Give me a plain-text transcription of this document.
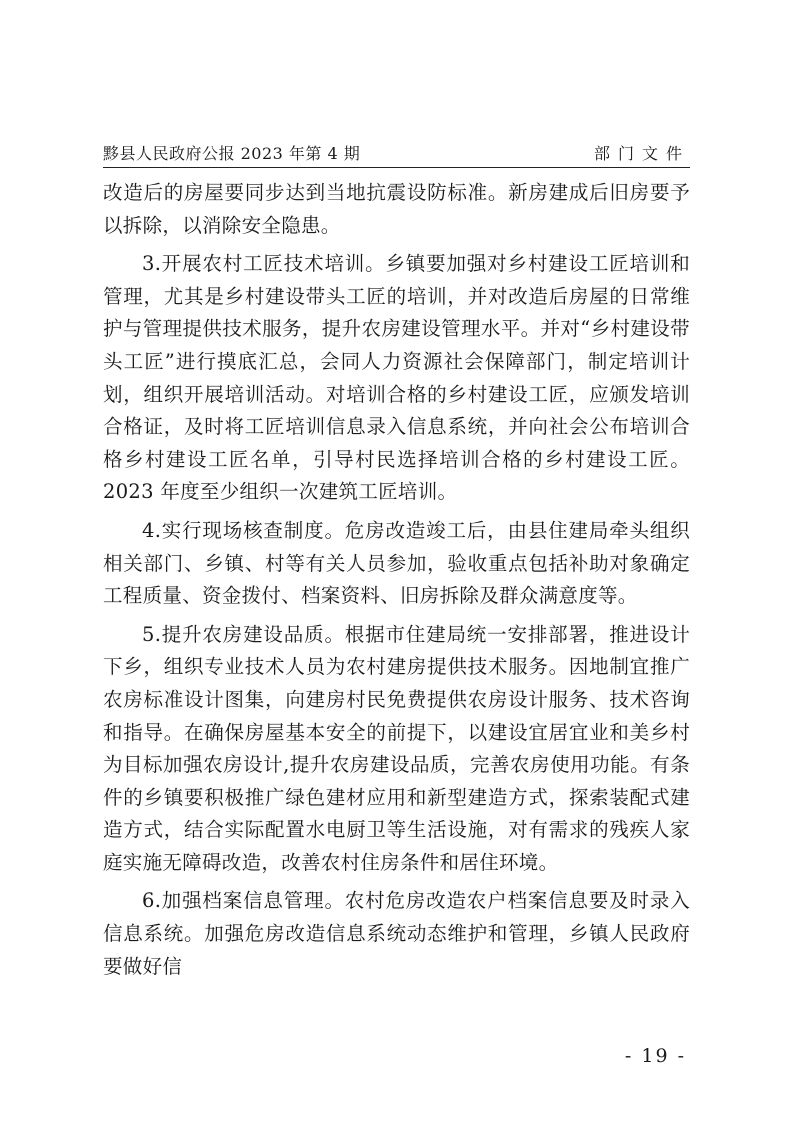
黟县人民政府公报 2023 年第 4 期	部门文件

改造后的房屋要同步达到当地抗震设防标准。新房建成后旧房要予以拆除，以消除安全隐患。

3.开展农村工匠技术培训。乡镇要加强对乡村建设工匠培训和管理，尤其是乡村建设带头工匠的培训，并对改造后房屋的日常维护与管理提供技术服务，提升农房建设管理水平。并对“乡村建设带头工匠”进行摸底汇总，会同人力资源社会保障部门，制定培训计划，组织开展培训活动。对培训合格的乡村建设工匠，应颁发培训合格证，及时将工匠培训信息录入信息系统，并向社会公布培训合格乡村建设工匠名单，引导村民选择培训合格的乡村建设工匠。2023 年度至少组织一次建筑工匠培训。

4.实行现场核查制度。危房改造竣工后，由县住建局牵头组织相关部门、乡镇、村等有关人员参加，验收重点包括补助对象确定工程质量、资金拨付、档案资料、旧房拆除及群众满意度等。

5.提升农房建设品质。根据市住建局统一安排部署，推进设计下乡，组织专业技术人员为农村建房提供技术服务。因地制宜推广农房标准设计图集，向建房村民免费提供农房设计服务、技术咨询和指导。在确保房屋基本安全的前提下，以建设宜居宜业和美乡村为目标加强农房设计,提升农房建设品质，完善农房使用功能。有条件的乡镇要积极推广绿色建材应用和新型建造方式，探索装配式建造方式，结合实际配置水电厨卫等生活设施，对有需求的残疾人家庭实施无障碍改造，改善农村住房条件和居住环境。

6.加强档案信息管理。农村危房改造农户档案信息要及时录入信息系统。加强危房改造信息系统动态维护和管理，乡镇人民政府要做好信

- 19 -
